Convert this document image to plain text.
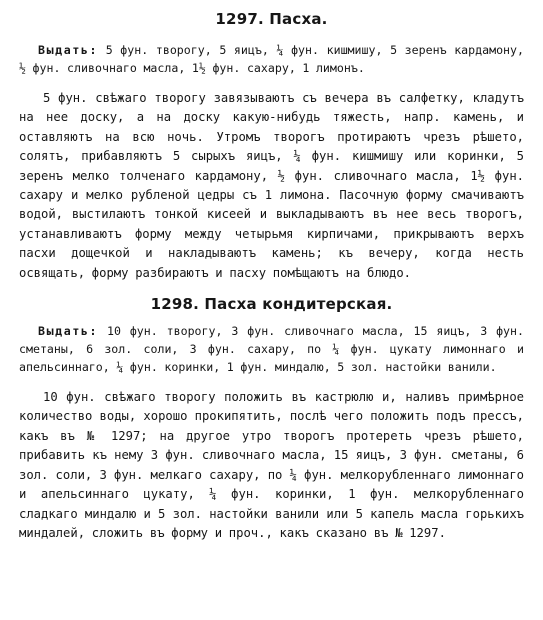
1297. Пасха.

Выдать: 5 фун. творогу, 5 яицъ, ¼ фун. кишмишу, 5 зеренъ кардамону, ½ фун. сливочнаго масла, 1½ фун. сахару, 1 лимонъ.

5 фун. свѣжаго творогу завязываютъ съ вечера въ салфетку, кладутъ на нее доску, а на доску какую-нибудь тяжесть, напр. камень, и оставляютъ на всю ночь. Утромъ творогъ протираютъ чрезъ рѣшето, солятъ, прибавляютъ 5 сырыхъ яицъ, ¼ фун. кишмишу или коринки, 5 зеренъ мелко толченаго кардамону, ½ фун. сливочнаго масла, 1½ фун. сахару и мелко рубленой цедры съ 1 лимона. Пасочную форму смачиваютъ водой, выстилаютъ тонкой кисеей и выкладываютъ въ нее весь творогъ, устанавливаютъ форму между четырьмя кирпичами, прикрываютъ верхъ пасхи дощечкой и накладываютъ камень; къ вечеру, когда несть освящать, форму разбираютъ и пасху помѣщаютъ на блюдо.

1298. Пасха кондитерская.

Выдать: 10 фун. творогу, 3 фун. сливочнаго масла, 15 яицъ, 3 фун. сметаны, 6 зол. соли, 3 фун. сахару, по ¼ фун. цукату лимоннаго и апельсиннаго, ¼ фун. коринки, 1 фун. миндалю, 5 зол. настойки ванили.

10 фун. свѣжаго творогу положить въ кастрюлю и, наливъ примѣрное количество воды, хорошо прокипятить, послѣ чего положить подъ прессъ, какъ въ № 1297; на другое утро творогъ протереть чрезъ рѣшето, прибавить къ нему 3 фун. сливочнаго масла, 15 яицъ, 3 фун. сметаны, 6 зол. соли, 3 фун. мелкаго сахару, по ¼ фун. мелкорубленнаго лимоннаго и апельсиннаго цукату, ¼ фун. коринки, 1 фун. мелкорубленнаго сладкаго миндалю и 5 зол. настойки ванили или 5 капель масла горькихъ миндалей, сложить въ форму и проч., какъ сказано въ № 1297.
